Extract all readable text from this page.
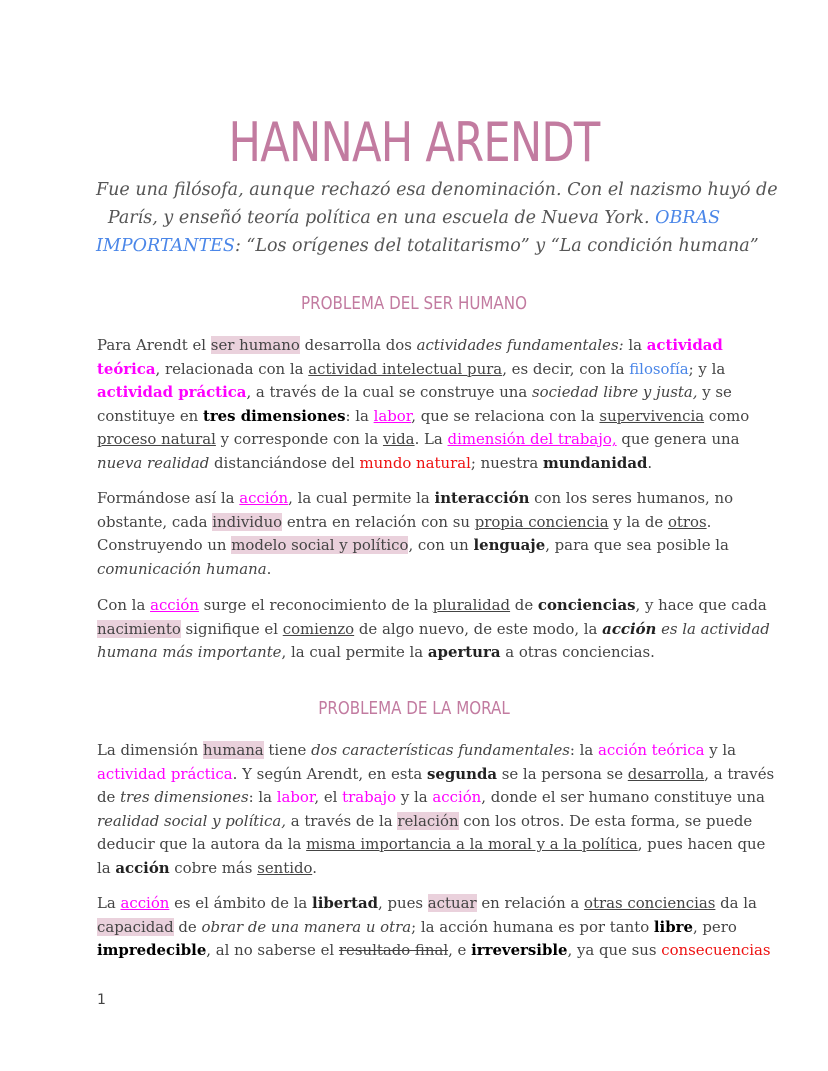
HANNAH ARENDT

Fue una filósofa, aunque rechazó esa denominación. Con el nazismo huyó de
París, y enseñó teoría política en una escuela de Nueva York. OBRAS
IMPORTANTES: “Los orígenes del totalitarismo” y “La condición humana”

PROBLEMA DEL SER HUMANO

Para Arendt el ser humano desarrolla dos actividades fundamentales: la actividad
teórica, relacionada con la actividad intelectual pura, es decir, con la filosofía; y la
actividad práctica, a través de la cual se construye una sociedad libre y justa, y se
constituye en tres dimensiones: la labor, que se relaciona con la supervivencia como
proceso natural y corresponde con la vida. La dimensión del trabajo, que genera una
nueva realidad distanciándose del mundo natural; nuestra mundanidad.

Formándose así la acción, la cual permite la interacción con los seres humanos, no
obstante, cada individuo entra en relación con su propia conciencia y la de otros.
Construyendo un modelo social y político, con un lenguaje, para que sea posible la
comunicación humana.

Con la acción surge el reconocimiento de la pluralidad de conciencias, y hace que cada
nacimiento signifique el comienzo de algo nuevo, de este modo, la acción es la actividad
humana más importante, la cual permite la apertura a otras conciencias.

PROBLEMA DE LA MORAL

La dimensión humana tiene dos características fundamentales: la acción teórica y la
actividad práctica. Y según Arendt, en esta segunda se la persona se desarrolla, a través
de tres dimensiones: la labor, el trabajo y la acción, donde el ser humano constituye una
realidad social y política, a través de la relación con los otros. De esta forma, se puede
deducir que la autora da la misma importancia a la moral y a la política, pues hacen que
la acción cobre más sentido.

La acción es el ámbito de la libertad, pues actuar en relación a otras conciencias da la
capacidad de obrar de una manera u otra; la acción humana es por tanto libre, pero
impredecible, al no saberse el resultado final, e irreversible, ya que sus consecuencias

1
